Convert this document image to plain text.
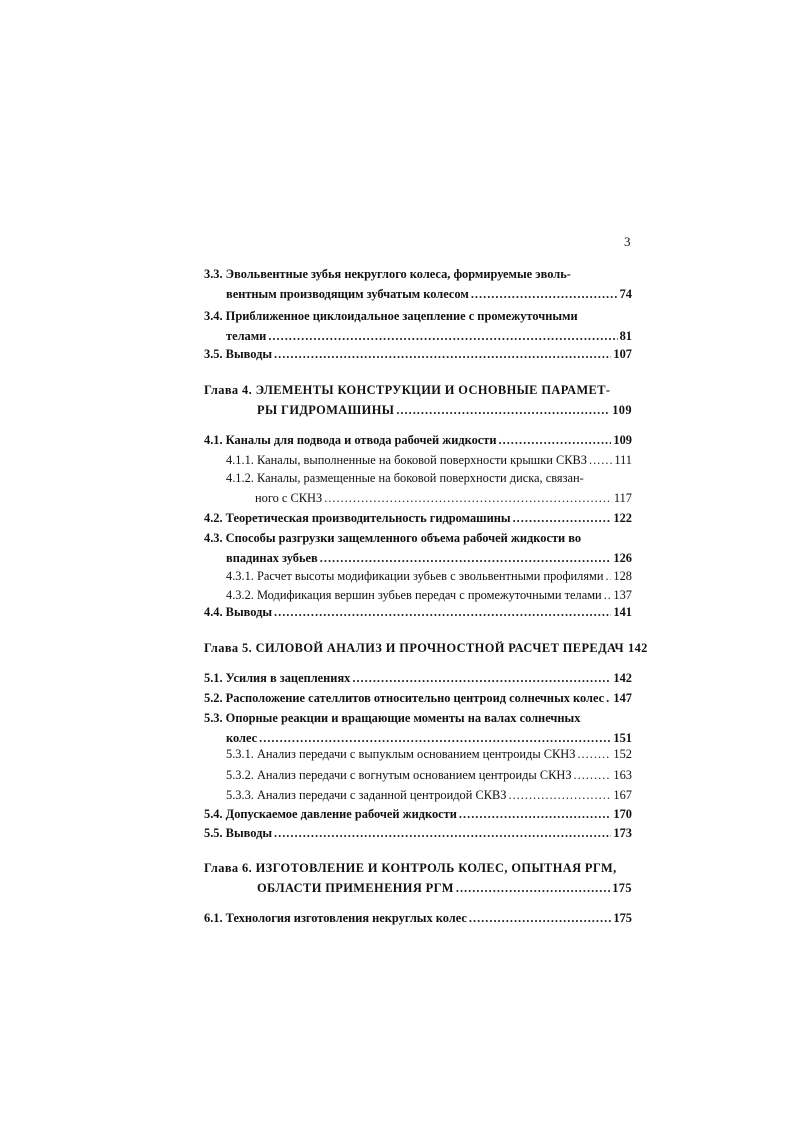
3
3.3. Эвольвентные зубья некруглого колеса, формируемые эволь-
вентным производящим зубчатым колесом .....	74
3.4. Приближенное циклоидальное зацепление с промежуточными
телами .....	81
3.5. Выводы .....	107
Глава 4. ЭЛЕМЕНТЫ КОНСТРУКЦИИ И ОСНОВНЫЕ ПАРАМЕТ-
РЫ ГИДРОМАШИНЫ .....	109
4.1. Каналы для подвода и отвода рабочей жидкости .....	109
4.1.1. Каналы, выполненные на боковой поверхности крышки СКВЗ ..... 111
4.1.2. Каналы, размещенные на боковой поверхности диска, связан-
ного с СКНЗ .....	117
4.2. Теоретическая производительность гидромашины .....	122
4.3. Способы разгрузки защемленного объема рабочей жидкости во
впадинах зубьев .....	126
4.3.1. Расчет высоты модификации зубьев с эвольвентными профилями ..... 128
4.3.2. Модификация вершин зубьев передач с промежуточными телами ..... 137
4.4. Выводы .....	141
Глава 5. СИЛОВОЙ АНАЛИЗ И ПРОЧНОСТНОЙ РАСЧЕТ ПЕРЕДАЧ 142
5.1. Усилия в зацеплениях .....	142
5.2. Расположение сателлитов относительно центроид солнечных колес ..... 147
5.3. Опорные реакции и вращающие моменты на валах солнечных
колес .....	151
5.3.1. Анализ передачи с выпуклым основанием центроиды СКНЗ .....	152
5.3.2. Анализ передачи с вогнутым основанием центроиды СКНЗ .....	163
5.3.3. Анализ передачи с заданной центроидой СКВЗ .....	167
5.4. Допускаемое давление рабочей жидкости .....	170
5.5. Выводы .....	173
Глава 6. ИЗГОТОВЛЕНИЕ И КОНТРОЛЬ КОЛЕС, ОПЫТНАЯ РГМ,
ОБЛАСТИ ПРИМЕНЕНИЯ РГМ .....	175
6.1. Технология изготовления некруглых колес .....	175
